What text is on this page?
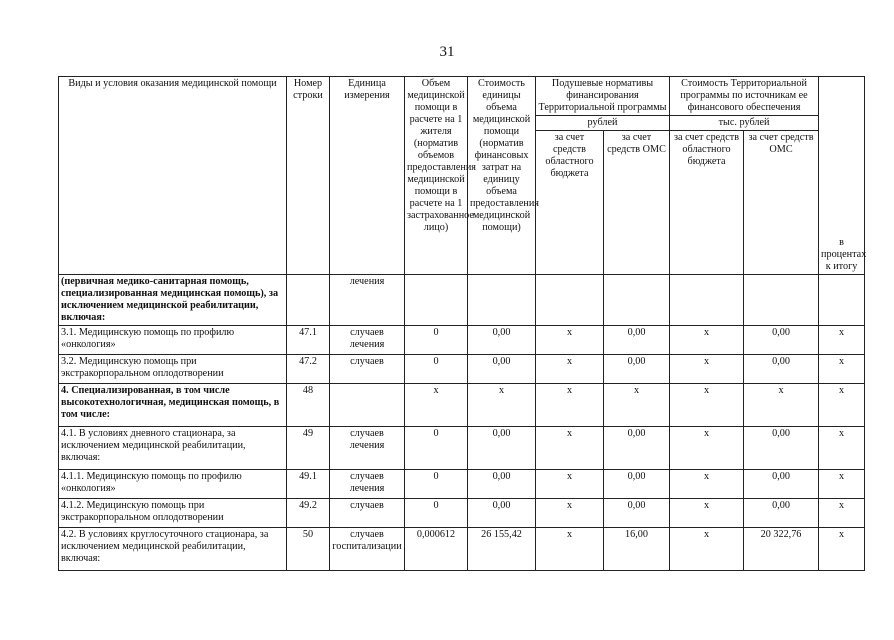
31
Виды и условия оказания медицинской помощи	Номер строки	Единица измерения	Объем медицинской помощи в расчете на 1 жителя (норматив объемов предоставления медицинской помощи в расчете на 1 застрахованное лицо)	Стоимость единицы объема медицинской помощи (норматив финансовых затрат на единицу объема предоставления медицинской помощи)	Подушевые нормативы финансирования Территориальной программы		Стоимость Территориальной программы по источникам ее финансового обеспечения		в процентах к итогу
					рублей		тыс. рублей		
					за счет средств областного бюджета	за счет средств ОМС	за счет средств областного бюджета	за счет средств ОМС	
(первичная медико-санитарная помощь, специализированная медицинская помощь), за исключением медицинской реабилитации, включая:		лечения							
3.1. Медицинскую помощь по профилю «онкология»	47.1	случаев лечения	0	0,00	х	0,00	х	0,00	х
3.2. Медицинскую помощь при экстракорпоральном оплодотворении	47.2	случаев	0	0,00	х	0,00	х	0,00	х
4. Специализированная, в том числе высокотехнологичная, медицинская помощь, в том числе:	48		х	х	х	х	х	х	х
4.1. В условиях дневного стационара, за исключением медицинской реабилитации, включая:	49	случаев лечения	0	0,00	х	0,00	х	0,00	х
4.1.1. Медицинскую помощь по профилю «онкология»	49.1	случаев лечения	0	0,00	х	0,00	х	0,00	х
4.1.2. Медицинскую помощь при экстракорпоральном оплодотворении	49.2	случаев	0	0,00	х	0,00	х	0,00	х
4.2. В условиях круглосуточного стационара, за исключением медицинской реабилитации, включая:	50	случаев госпитализации	0,000612	26 155,42	х	16,00	х	20 322,76	х
